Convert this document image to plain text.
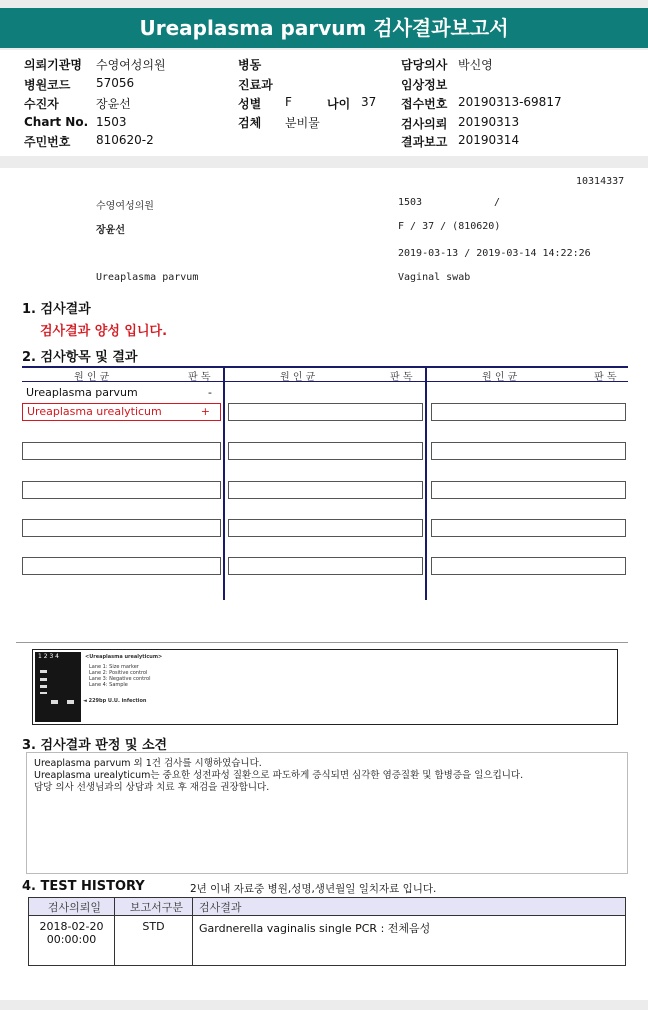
Ureaplasma parvum 검사결과보고서
의뢰기관명	수영여성의원
병원코드	57056
수진자	장윤선
Chart No. 1503
주민번호	810620-2
병동
진료과
성별 F	나이 37
검체 분비물
담당의사 박신영
임상정보
접수번호 20190313-69817
검사의뢰 20190313
결과보고 20190314
10314337
수영여성의원	1503	/
장윤선	F / 37 / (810620)
2019-03-13 / 2019-03-14 14:22:26
Ureaplasma parvum	Vaginal swab
1. 검사결과
검사결과 양성 입니다.
2. 검사항목 및 결과
원 인 균	판 독	원 인 균	판 독	원 인 균	판 독
Ureaplasma parvum	-
Ureaplasma urealyticum	+
1 2 3 4	<Ureaplasma urealyticum>
Lane 1: Size marker
Lane 2: Positive control
Lane 3: Negative control
Lane 4: Sample
◄ 229bp U.U. infection
3. 검사결과 판정 및 소견
Ureaplasma parvum 외 1건 검사를 시행하였습니다.
Ureaplasma urealyticum는 중요한 성전파성 질환으로 파도하게 증식되면 심각한 염증질환 및 합병증을 일으킵니다.
담당 의사 선생님과의 상담과 치료 후 재검을 권장합니다.
4. TEST HISTORY	2년 이내 자료중 병원,성명,생년월일 일치자료 입니다.
검사의뢰일	보고서구분	검사결과

2018-02-20
00:00:00	STD	Gardnerella vaginalis single PCR : 전체음성
